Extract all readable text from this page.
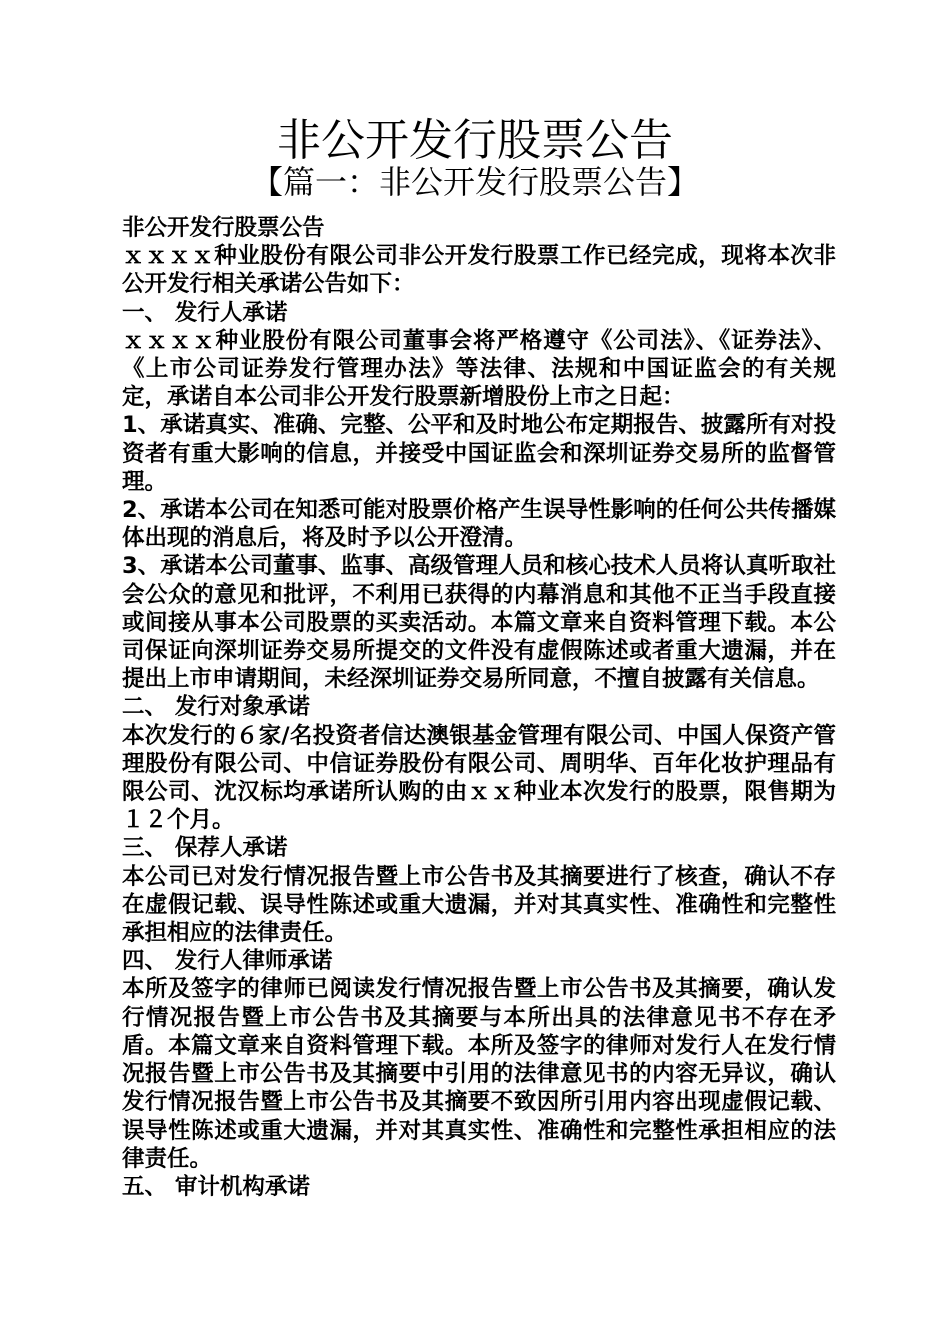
非公开发行股票公告
【篇一：非公开发行股票公告】

非公开发行股票公告

ｘｘｘｘ种业股份有限公司非公开发行股票工作已经完成，现将本次非公开发行相关承诺公告如下：

一、 发行人承诺

ｘｘｘｘ种业股份有限公司董事会将严格遵守《公司法》、《证券法》、《上市公司证券发行管理办法》等法律、法规和中国证监会的有关规定，承诺自本公司非公开发行股票新增股份上市之日起：

1、承诺真实、准确、完整、公平和及时地公布定期报告、披露所有对投资者有重大影响的信息，并接受中国证监会和深圳证券交易所的监督管理。

2、承诺本公司在知悉可能对股票价格产生误导性影响的任何公共传播媒体出现的消息后，将及时予以公开澄清。

3、承诺本公司董事、监事、高级管理人员和核心技术人员将认真听取社会公众的意见和批评，不利用已获得的内幕消息和其他不正当手段直接或间接从事本公司股票的买卖活动。本篇文章来自资料管理下载。本公司保证向深圳证券交易所提交的文件没有虚假陈述或者重大遗漏，并在提出上市申请期间，未经深圳证券交易所同意，不擅自披露有关信息。

二、 发行对象承诺

本次发行的６家/名投资者信达澳银基金管理有限公司、中国人保资产管理股份有限公司、中信证券股份有限公司、周明华、百年化妆护理品有限公司、沈汉标均承诺所认购的由ｘｘ种业本次发行的股票，限售期为１２个月。

三、 保荐人承诺

本公司已对发行情况报告暨上市公告书及其摘要进行了核查，确认不存在虚假记载、误导性陈述或重大遗漏，并对其真实性、准确性和完整性承担相应的法律责任。

四、 发行人律师承诺

本所及签字的律师已阅读发行情况报告暨上市公告书及其摘要，确认发行情况报告暨上市公告书及其摘要与本所出具的法律意见书不存在矛盾。本篇文章来自资料管理下载。本所及签字的律师对发行人在发行情况报告暨上市公告书及其摘要中引用的法律意见书的内容无异议，确认发行情况报告暨上市公告书及其摘要不致因所引用内容出现虚假记载、误导性陈述或重大遗漏，并对其真实性、准确性和完整性承担相应的法律责任。

五、 审计机构承诺
